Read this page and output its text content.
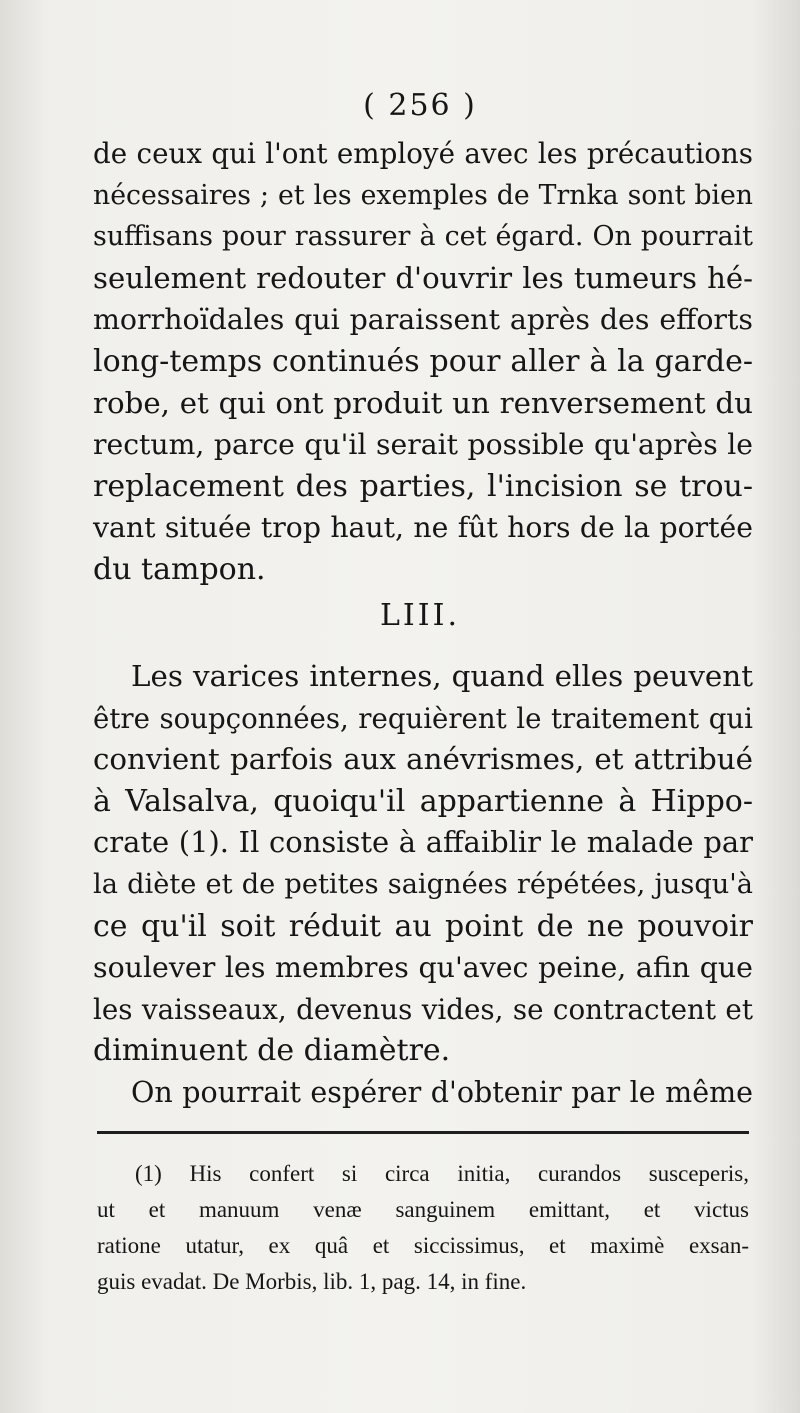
( 256 )
de ceux qui l'ont employé avec les précautions
nécessaires ; et les exemples de Trnka sont bien
suffisans pour rassurer à cet égard. On pourrait
seulement redouter d'ouvrir les tumeurs hé-
morrhoïdales qui paraissent après des efforts
long-temps continués pour aller à la garde-
robe, et qui ont produit un renversement du
rectum, parce qu'il serait possible qu'après le
replacement des parties, l'incision se trou-
vant située trop haut, ne fût hors de la portée
du tampon.
LIII.
Les varices internes, quand elles peuvent
être soupçonnées, requièrent le traitement qui
convient parfois aux anévrismes, et attribué
à Valsalva, quoiqu'il appartienne à Hippo-
crate (1). Il consiste à affaiblir le malade par
la diète et de petites saignées répétées, jusqu'à
ce qu'il soit réduit au point de ne pouvoir
soulever les membres qu'avec peine, afin que
les vaisseaux, devenus vides, se contractent et
diminuent de diamètre.
On pourrait espérer d'obtenir par le même
(1) His confert si circa initia, curandos susceperis,
ut et manuum venæ sanguinem emittant, et victus
ratione utatur, ex quâ et siccissimus, et maximè exsan-
guis evadat. De Morbis, lib. 1, pag. 14, in fine.
